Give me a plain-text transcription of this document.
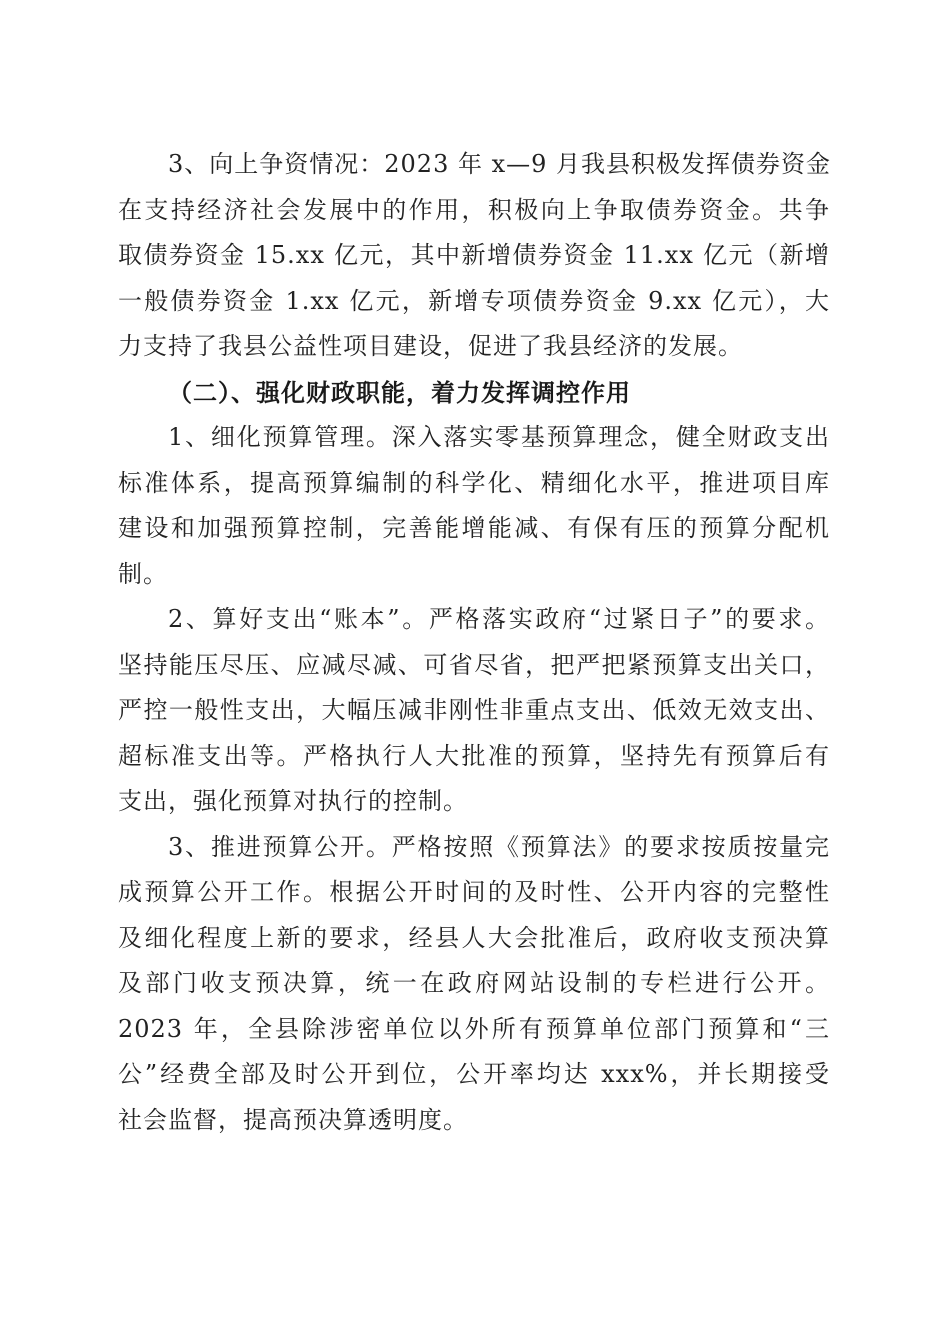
3、向上争资情况：2023 年 x—9 月我县积极发挥债券资金
在支持经济社会发展中的作用，积极向上争取债券资金。共争
取债券资金 15.xx 亿元，其中新增债券资金 11.xx 亿元（新增
一般债券资金 1.xx 亿元，新增专项债券资金 9.xx 亿元），大
力支持了我县公益性项目建设，促进了我县经济的发展。
（二）、强化财政职能，着力发挥调控作用
1、细化预算管理。深入落实零基预算理念，健全财政支出
标准体系，提高预算编制的科学化、精细化水平，推进项目库
建设和加强预算控制，完善能增能减、有保有压的预算分配机
制。
2、算好支出“账本”。严格落实政府“过紧日子”的要求。
坚持能压尽压、应减尽减、可省尽省，把严把紧预算支出关口，
严控一般性支出，大幅压减非刚性非重点支出、低效无效支出、
超标准支出等。严格执行人大批准的预算，坚持先有预算后有
支出，强化预算对执行的控制。
3、推进预算公开。严格按照《预算法》的要求按质按量完
成预算公开工作。根据公开时间的及时性、公开内容的完整性
及细化程度上新的要求，经县人大会批准后，政府收支预决算
及部门收支预决算，统一在政府网站设制的专栏进行公开。
2023 年，全县除涉密单位以外所有预算单位部门预算和“三
公”经费全部及时公开到位，公开率均达 xxx%，并长期接受
社会监督，提高预决算透明度。
